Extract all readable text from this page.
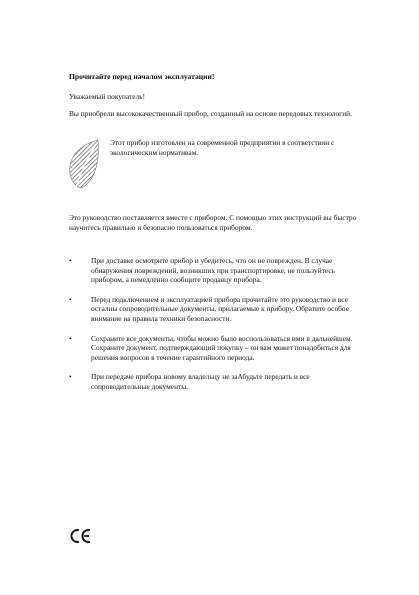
Прочитайте перед началом эксплуатации!
Уважаемый покупатель!
Вы приобрели высококачественный прибор, созданный на основе передовых технологий.
Этот прибор изготовлен на современной предприятии в соответствии с экологическим нормативам.
Это руководство поставляется вместе с прибором. С помощью этих инструкций вы быстро научитесь правильно и безопасно пользоваться прибором.
•	При доставке осмотрите прибор и убедитесь, что он не поврежден. В случае обнаружения повреждений, возникших при транспортировке, не пользуйтесь прибором, а немедленно сообщите продавцу прибора.
•	Перед подключением и эксплуатацией прибора прочитайте это руководство и все осталны сопроводительные документы, прилагаемые к прибору. Обратите особое внимание на правила техники безопасности.
•	Сохраните все документы, чтобы можно было воспользоваться ими в дальнейшем. Сохраните документ, подтверждающий покупку – он вам может понадобиться для решения вопросов в течение гарантийного периода.
•	При передаче прибора новому владельцу не заАбудьте передать и все сопроводительные документы.
